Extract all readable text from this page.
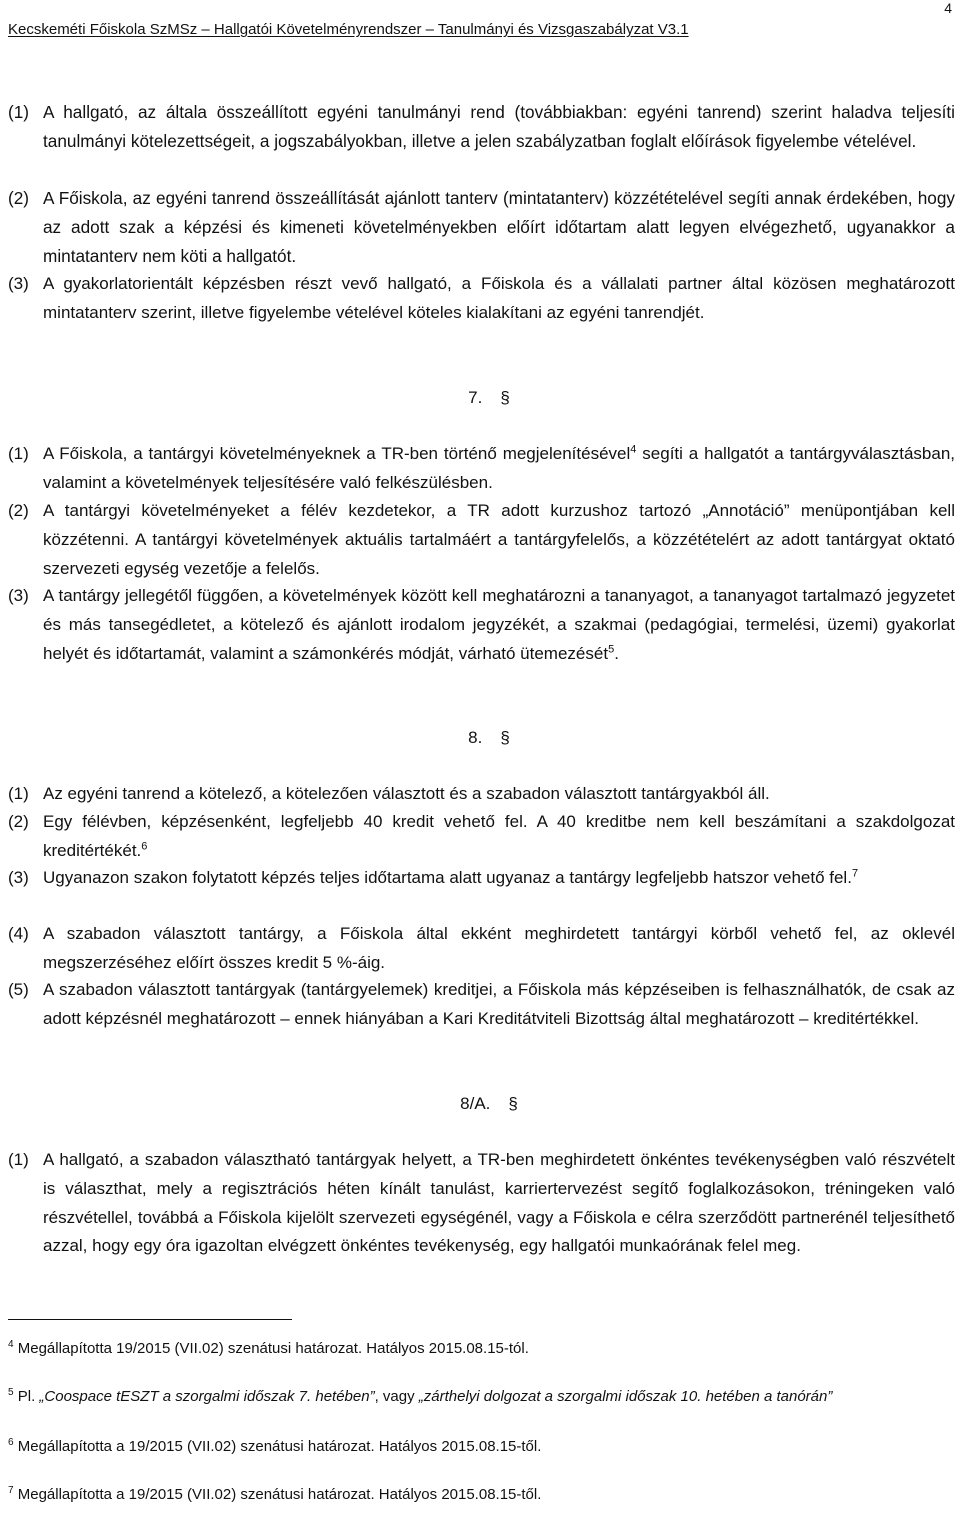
Kecskeméti Főiskola SzMSz – Hallgatói Követelményrendszer – Tanulmányi és Vizsgaszabályzat V3.1
4

(1) A hallgató, az általa összeállított egyéni tanulmányi rend (továbbiakban: egyéni tanrend) szerint haladva teljesíti tanulmányi kötelezettségeit, a jogszabályokban, illetve a jelen szabályzatban foglalt előírások figyelembe vételével.

(2) A Főiskola, az egyéni tanrend összeállítását ajánlott tanterv (mintatanterv) közzétételével segíti annak érdekében, hogy az adott szak a képzési és kimeneti követelményekben előírt időtartam alatt legyen elvégezhető, ugyanakkor a mintatanterv nem köti a hallgatót.

(3) A gyakorlatorientált képzésben részt vevő hallgató, a Főiskola és a vállalati partner által közösen meghatározott mintatanterv szerint, illetve figyelembe vételével köteles kialakítani az egyéni tanrendjét.

7. §

(1) A Főiskola, a tantárgyi követelményeknek a TR-ben történő megjelenítésével$^4$ segíti a hallgatót a tantárgyválasztásban, valamint a követelmények teljesítésére való felkészülésben.

(2) A tantárgyi követelményeket a félév kezdetekor, a TR adott kurzushoz tartozó „Annotáció” menüpontjában kell közzétenni. A tantárgyi követelmények aktuális tartalmáért a tantárgyfelelős, a közzétételért az adott tantárgyat oktató szervezeti egység vezetője a felelős.

(3) A tantárgy jellegétől függően, a követelmények között kell meghatározni a tananyagot, a tananyagot tartalmazó jegyzetet és más tansegédletet, a kötelező és ajánlott irodalom jegyzékét, a szakmai (pedagógiai, termelési, üzemi) gyakorlat helyét és időtartamát, valamint a számonkérés módját, várható ütemezését$^5$.

8. §

(1) Az egyéni tanrend a kötelező, a kötelezően választott és a szabadon választott tantárgyakból áll.

(2) Egy félévben, képzésenként, legfeljebb 40 kredit vehető fel. A 40 kreditbe nem kell beszámítani a szakdolgozat kreditértékét.$^6$

(3) Ugyanazon szakon folytatott képzés teljes időtartama alatt ugyanaz a tantárgy legfeljebb hatszor vehető fel.$^7$

(4) A szabadon választott tantárgy, a Főiskola által ekként meghirdetett tantárgyi körből vehető fel, az oklevél megszerzéséhez előírt összes kredit 5 %-áig.

(5) A szabadon választott tantárgyak (tantárgyelemek) kreditjei, a Főiskola más képzéseiben is felhasználhatók, de csak az adott képzésnél meghatározott – ennek hiányában a Kari Kreditátviteli Bizottság által meghatározott – kreditértékkel.

8/A. §

(1) A hallgató, a szabadon választható tantárgyak helyett, a TR-ben meghirdetett önkéntes tevékenységben való részvételt is választhat, mely a regisztrációs héten kínált tanulást, karriertervezést segítő foglalkozásokon, tréningeken való részvétellel, továbbá a Főiskola kijelölt szervezeti egységénél, vagy a Főiskola e célra szerződött partnerénél teljesíthető azzal, hogy egy óra igazoltan elvégzett önkéntes tevékenység, egy hallgatói munkaórának felel meg.

$^4$ Megállapította 19/2015 (VII.02) szenátusi határozat. Hatályos 2015.08.15-tól.

$^5$ Pl. „Coospace tESZT a szorgalmi időszak 7. hetében”, vagy „zárthelyi dolgozat a szorgalmi időszak 10. hetében a tanórán”

$^6$ Megállapította a 19/2015 (VII.02) szenátusi határozat. Hatályos 2015.08.15-től.

$^7$ Megállapította a 19/2015 (VII.02) szenátusi határozat. Hatályos 2015.08.15-től.
